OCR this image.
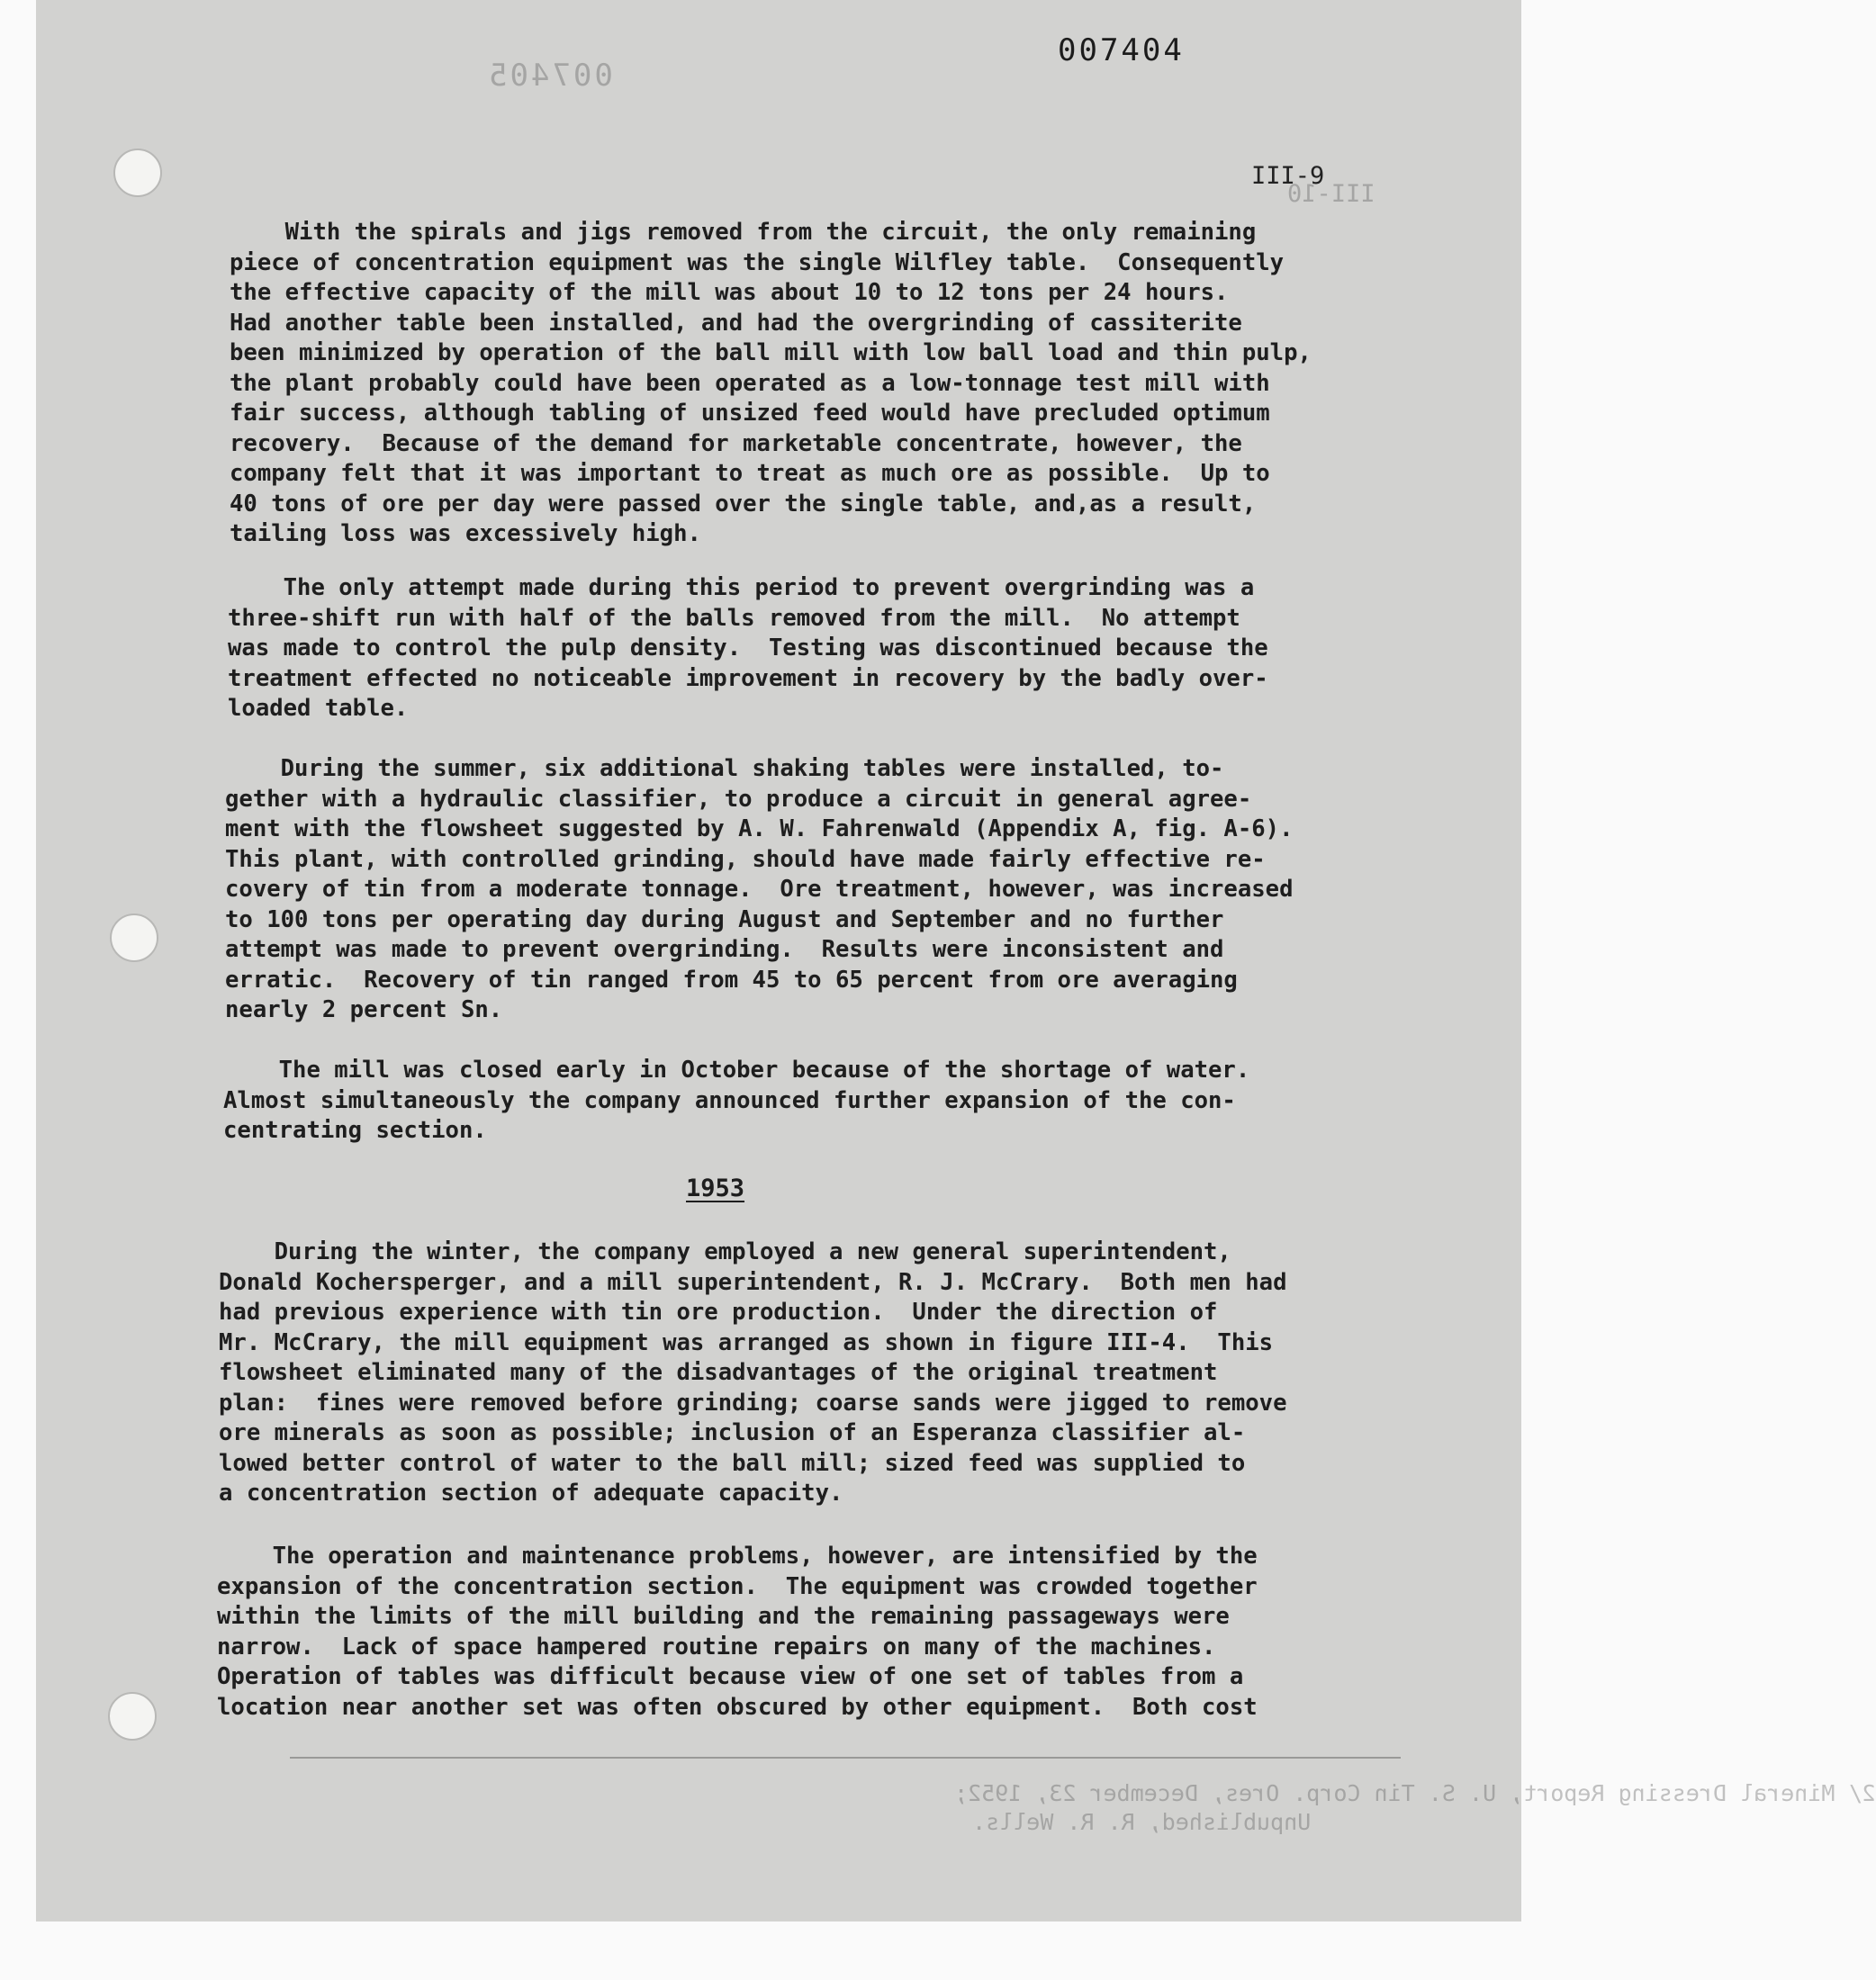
007405
III-10
2/ Mineral Dressing Report, U. S. Tin Corp. Ores, December 23, 1952;
Unpublished, R. R. Wells.
007404
III-9

With the spirals and jigs removed from the circuit, the only remaining
piece of concentration equipment was the single Wilfley table.  Consequently
the effective capacity of the mill was about 10 to 12 tons per 24 hours.
Had another table been installed, and had the overgrinding of cassiterite
been minimized by operation of the ball mill with low ball load and thin pulp,
the plant probably could have been operated as a low-tonnage test mill with
fair success, although tabling of unsized feed would have precluded optimum
recovery.  Because of the demand for marketable concentrate, however, the
company felt that it was important to treat as much ore as possible.  Up to
40 tons of ore per day were passed over the single table, and,as a result,
tailing loss was excessively high.

The only attempt made during this period to prevent overgrinding was a
three-shift run with half of the balls removed from the mill.  No attempt
was made to control the pulp density.  Testing was discontinued because the
treatment effected no noticeable improvement in recovery by the badly over-
loaded table.

During the summer, six additional shaking tables were installed, to-
gether with a hydraulic classifier, to produce a circuit in general agree-
ment with the flowsheet suggested by A. W. Fahrenwald (Appendix A, fig. A-6).
This plant, with controlled grinding, should have made fairly effective re-
covery of tin from a moderate tonnage.  Ore treatment, however, was increased
to 100 tons per operating day during August and September and no further
attempt was made to prevent overgrinding.  Results were inconsistent and
erratic.  Recovery of tin ranged from 45 to 65 percent from ore averaging
nearly 2 percent Sn.

The mill was closed early in October because of the shortage of water.
Almost simultaneously the company announced further expansion of the con-
centrating section.

1953

During the winter, the company employed a new general superintendent,
Donald Kochersperger, and a mill superintendent, R. J. McCrary.  Both men had
had previous experience with tin ore production.  Under the direction of
Mr. McCrary, the mill equipment was arranged as shown in figure III-4.  This
flowsheet eliminated many of the disadvantages of the original treatment
plan:  fines were removed before grinding; coarse sands were jigged to remove
ore minerals as soon as possible; inclusion of an Esperanza classifier al-
lowed better control of water to the ball mill; sized feed was supplied to
a concentration section of adequate capacity.

The operation and maintenance problems, however, are intensified by the
expansion of the concentration section.  The equipment was crowded together
within the limits of the mill building and the remaining passageways were
narrow.  Lack of space hampered routine repairs on many of the machines.
Operation of tables was difficult because view of one set of tables from a
location near another set was often obscured by other equipment.  Both cost
